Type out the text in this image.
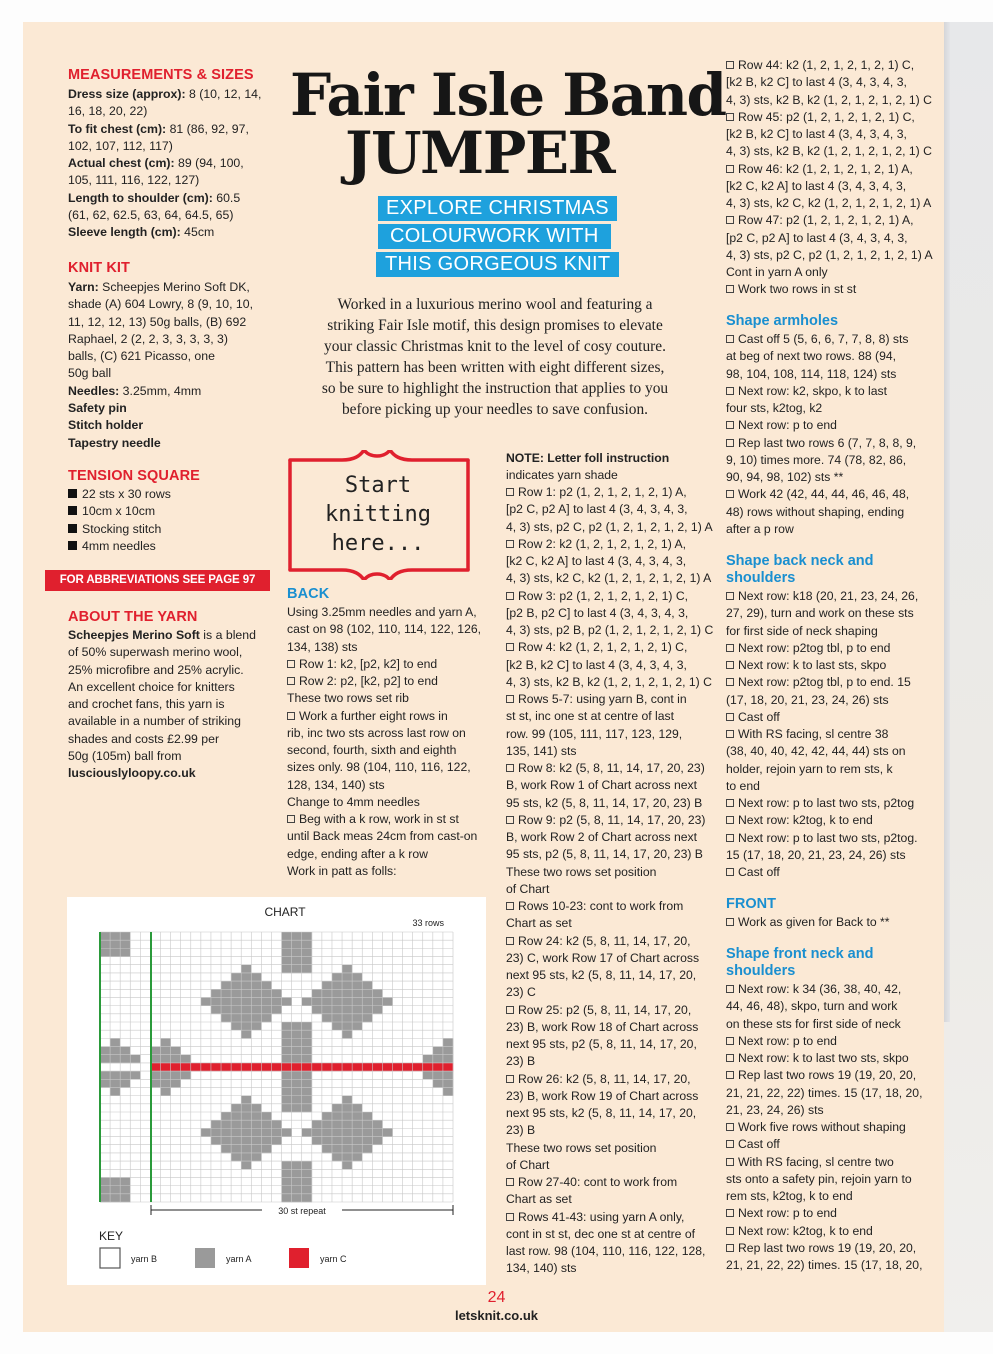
Fair Isle Band
JUMPER
EXPLORE CHRISTMAS
COLOURWORK WITH
THIS GORGEOUS KNIT
Worked in a luxurious merino wool and featuring a
striking Fair Isle motif, this design promises to elevate
your classic Christmas knit to the level of cosy couture.
This pattern has been written with eight different sizes,
so be sure to highlight the instruction that applies to you
before picking up your needles to save confusion.
Start
knitting
here...
MEASUREMENTS & SIZES
Dress size (approx): 8 (10, 12, 14,
16, 18, 20, 22)
To fit chest (cm): 81 (86, 92, 97,
102, 107, 112, 117)
Actual chest (cm): 89 (94, 100,
105, 111, 116, 122, 127)
Length to shoulder (cm): 60.5
(61, 62, 62.5, 63, 64, 64.5, 65)
Sleeve length (cm): 45cm
KNIT KIT
Yarn: Scheepjes Merino Soft DK,
shade (A) 604 Lowry, 8 (9, 10, 10,
11, 12, 12, 13) 50g balls, (B) 692
Raphael, 2 (2, 2, 3, 3, 3, 3, 3)
balls, (C) 621 Picasso, one
50g ball
Needles: 3.25mm, 4mm
Safety pin
Stitch holder
Tapestry needle
TENSION SQUARE
22 sts x 30 rows
10cm x 10cm
Stocking stitch
4mm needles
FOR ABBREVIATIONS SEE PAGE 97
ABOUT THE YARN
Scheepjes Merino Soft is a blend
of 50% superwash merino wool,
25% microfibre and 25% acrylic.
An excellent choice for knitters
and crochet fans, this yarn is
available in a number of striking
shades and costs £2.99 per
50g (105m) ball from
lusciouslyloopy.co.uk
BACK
Using 3.25mm needles and yarn A,
cast on 98 (102, 110, 114, 122, 126,
134, 138) sts
Row 1: k2, [p2, k2] to end
Row 2: p2, [k2, p2] to end
These two rows set rib
Work a further eight rows in
rib, inc two sts across last row on
second, fourth, sixth and eighth
sizes only. 98 (104, 110, 116, 122,
128, 134, 140) sts
Change to 4mm needles
Beg with a k row, work in st st
until Back meas 24cm from cast-on
edge, ending after a k row
Work in patt as folls:
NOTE: Letter foll instruction
indicates yarn shade
Row 1: p2 (1, 2, 1, 2, 1, 2, 1) A,
[p2 C, p2 A] to last 4 (3, 4, 3, 4, 3,
4, 3) sts, p2 C, p2 (1, 2, 1, 2, 1, 2, 1) A
Row 2: k2 (1, 2, 1, 2, 1, 2, 1) A,
[k2 C, k2 A] to last 4 (3, 4, 3, 4, 3,
4, 3) sts, k2 C, k2 (1, 2, 1, 2, 1, 2, 1) A
Row 3: p2 (1, 2, 1, 2, 1, 2, 1) C,
[p2 B, p2 C] to last 4 (3, 4, 3, 4, 3,
4, 3) sts, p2 B, p2 (1, 2, 1, 2, 1, 2, 1) C
Row 4: k2 (1, 2, 1, 2, 1, 2, 1) C,
[k2 B, k2 C] to last 4 (3, 4, 3, 4, 3,
4, 3) sts, k2 B, k2 (1, 2, 1, 2, 1, 2, 1) C
Rows 5-7: using yarn B, cont in
st st, inc one st at centre of last
row. 99 (105, 111, 117, 123, 129,
135, 141) sts
Row 8: k2 (5, 8, 11, 14, 17, 20, 23)
B, work Row 1 of Chart across next
95 sts, k2 (5, 8, 11, 14, 17, 20, 23) B
Row 9: p2 (5, 8, 11, 14, 17, 20, 23)
B, work Row 2 of Chart across next
95 sts, p2 (5, 8, 11, 14, 17, 20, 23) B
These two rows set position
of Chart
Rows 10-23: cont to work from
Chart as set
Row 24: k2 (5, 8, 11, 14, 17, 20,
23) C, work Row 17 of Chart across
next 95 sts, k2 (5, 8, 11, 14, 17, 20,
23) C
Row 25: p2 (5, 8, 11, 14, 17, 20,
23) B, work Row 18 of Chart across
next 95 sts, p2 (5, 8, 11, 14, 17, 20,
23) B
Row 26: k2 (5, 8, 11, 14, 17, 20,
23) B, work Row 19 of Chart across
next 95 sts, k2 (5, 8, 11, 14, 17, 20,
23) B
These two rows set position
of Chart
Row 27-40: cont to work from
Chart as set
Rows 41-43: using yarn A only,
cont in st st, dec one st at centre of
last row. 98 (104, 110, 116, 122, 128,
134, 140) sts
Row 44: k2 (1, 2, 1, 2, 1, 2, 1) C,
[k2 B, k2 C] to last 4 (3, 4, 3, 4, 3,
4, 3) sts, k2 B, k2 (1, 2, 1, 2, 1, 2, 1) C
Row 45: p2 (1, 2, 1, 2, 1, 2, 1) C,
[k2 B, k2 C] to last 4 (3, 4, 3, 4, 3,
4, 3) sts, k2 B, k2 (1, 2, 1, 2, 1, 2, 1) C
Row 46: k2 (1, 2, 1, 2, 1, 2, 1) A,
[k2 C, k2 A] to last 4 (3, 4, 3, 4, 3,
4, 3) sts, k2 C, k2 (1, 2, 1, 2, 1, 2, 1) A
Row 47: p2 (1, 2, 1, 2, 1, 2, 1) A,
[p2 C, p2 A] to last 4 (3, 4, 3, 4, 3,
4, 3) sts, p2 C, p2 (1, 2, 1, 2, 1, 2, 1) A
Cont in yarn A only
Work two rows in st st
Shape armholes
Cast off 5 (5, 6, 6, 7, 7, 8, 8) sts
at beg of next two rows. 88 (94,
98, 104, 108, 114, 118, 124) sts
Next row: k2, skpo, k to last
four sts, k2tog, k2
Next row: p to end
Rep last two rows 6 (7, 7, 8, 8, 9,
9, 10) times more. 74 (78, 82, 86,
90, 94, 98, 102) sts **
Work 42 (42, 44, 44, 46, 46, 48,
48) rows without shaping, ending
after a p row
Shape back neck and
shoulders
Next row: k18 (20, 21, 23, 24, 26,
27, 29), turn and work on these sts
for first side of neck shaping
Next row: p2tog tbl, p to end
Next row: k to last sts, skpo
Next row: p2tog tbl, p to end. 15
(17, 18, 20, 21, 23, 24, 26) sts
Cast off
With RS facing, sl centre 38
(38, 40, 40, 42, 42, 44, 44) sts on
holder, rejoin yarn to rem sts, k
to end
Next row: p to last two sts, p2tog
Next row: k2tog, k to end
Next row: p to last two sts, p2tog.
15 (17, 18, 20, 21, 23, 24, 26) sts
Cast off
FRONT
Work as given for Back to **
Shape front neck and
shoulders
Next row: k 34 (36, 38, 40, 42,
44, 46, 48), skpo, turn and work
on these sts for first side of neck
Next row: p to end
Next row: k to last two sts, skpo
Rep last two rows 19 (19, 20, 20,
21, 21, 22, 22) times. 15 (17, 18, 20,
21, 23, 24, 26) sts
Work five rows without shaping
Cast off
With RS facing, sl centre two
sts onto a safety pin, rejoin yarn to
rem sts, k2tog, k to end
Next row: p to end
Next row: k2tog, k to end
Rep last two rows 19 (19, 20, 20,
21, 21, 22, 22) times. 15 (17, 18, 20,
CHART
33 rows
30 st repeat
KEY
yarn B	yarn A	yarn C
24
letsknit.co.uk
